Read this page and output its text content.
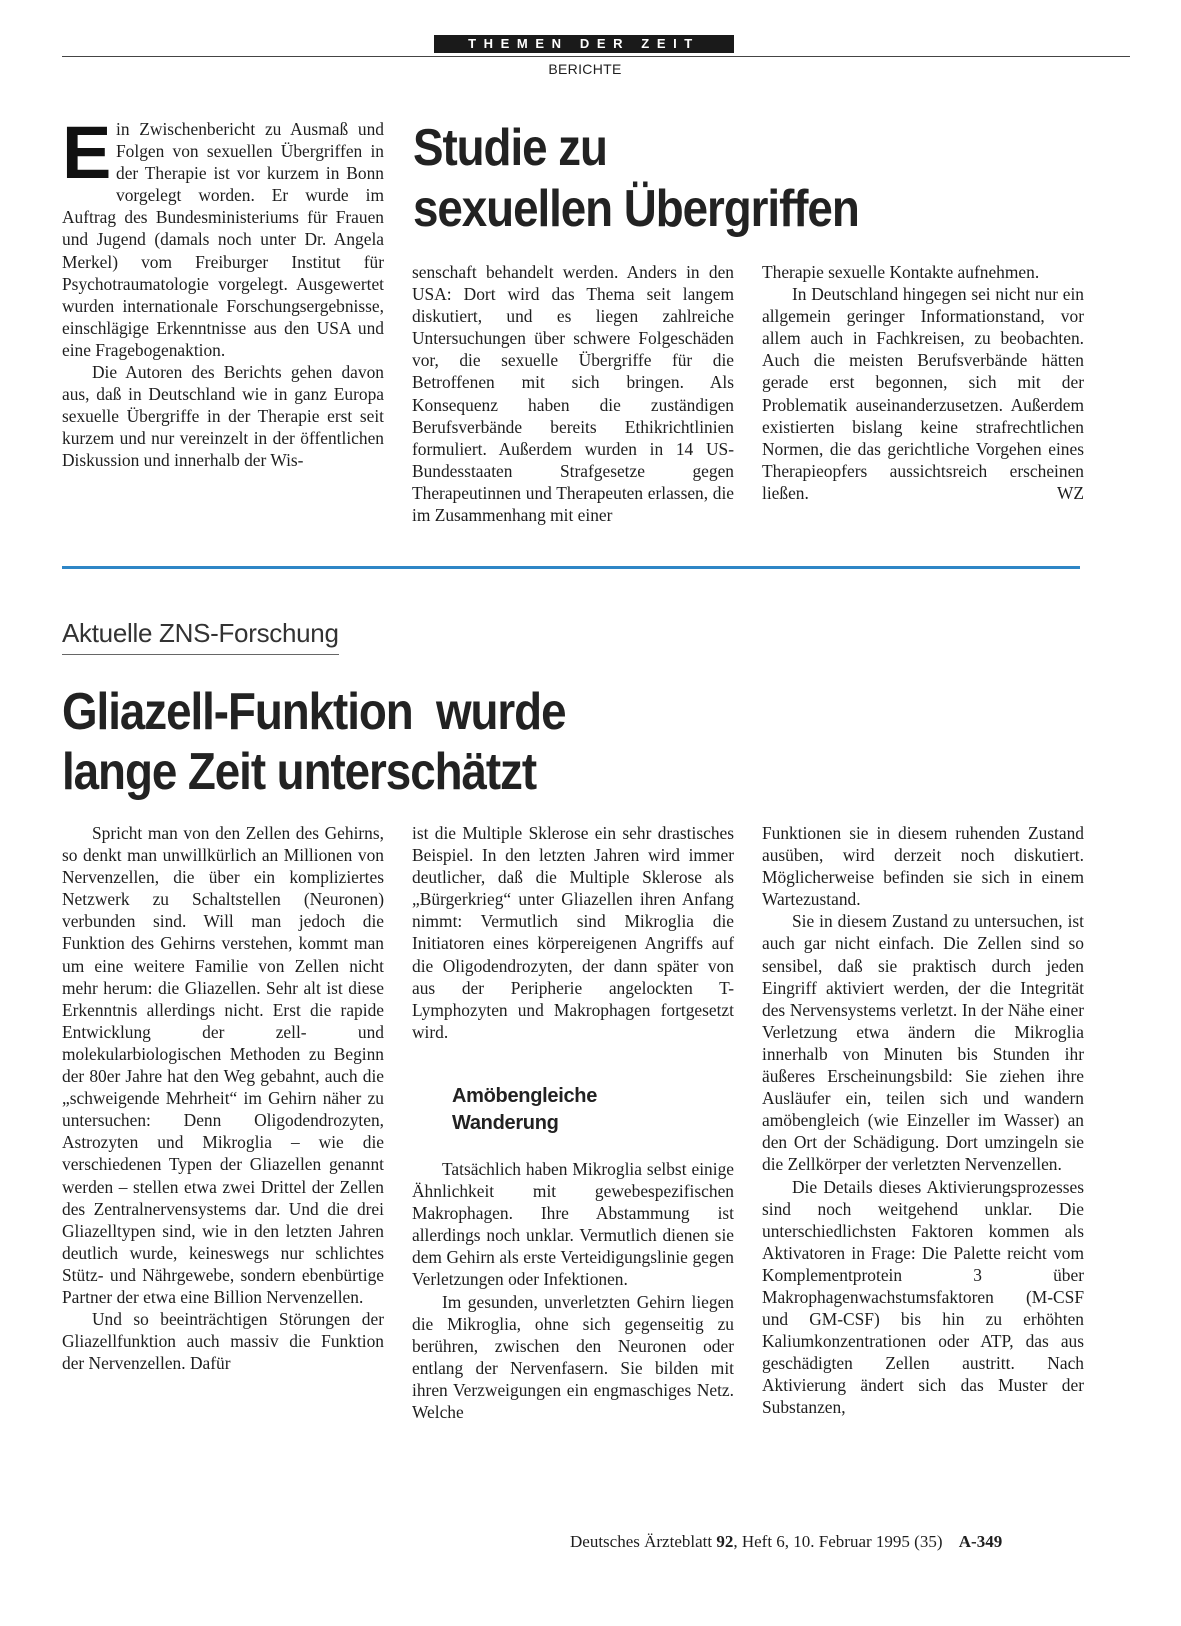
THEMEN DER ZEIT
BERICHTE

Ein Zwischenbericht zu Ausmaß und Folgen von sexuellen Übergriffen in der Therapie ist vor kurzem in Bonn vorgelegt worden. Er wurde im Auftrag des Bundesministeriums für Frauen und Jugend (damals noch unter Dr. Angela Merkel) vom Freiburger Institut für Psychotraumatologie vorgelegt. Ausgewertet wurden internationale Forschungsergebnisse, einschlägige Erkenntnisse aus den USA und eine Fragebogenaktion.

Die Autoren des Berichts gehen davon aus, daß in Deutschland wie in ganz Europa sexuelle Übergriffe in der Therapie erst seit kurzem und nur vereinzelt in der öffentlichen Diskussion und innerhalb der Wis-

Studie zu
sexuellen Übergriffen

senschaft behandelt werden. Anders in den USA: Dort wird das Thema seit langem diskutiert, und es liegen zahlreiche Untersuchungen über schwere Folgeschäden vor, die sexuelle Übergriffe für die Betroffenen mit sich bringen. Als Konsequenz haben die zuständigen Berufsverbände bereits Ethikrichtlinien formuliert. Außerdem wurden in 14 US-Bundesstaaten Strafgesetze gegen Therapeutinnen und Therapeuten erlassen, die im Zusammenhang mit einer

Therapie sexuelle Kontakte aufnehmen.

In Deutschland hingegen sei nicht nur ein allgemein geringer Informationstand, vor allem auch in Fachkreisen, zu beobachten. Auch die meisten Berufsverbände hätten gerade erst begonnen, sich mit der Problematik auseinanderzusetzen. Außerdem existierten bislang keine strafrechtlichen Normen, die das gerichtliche Vorgehen eines Therapieopfers aussichtsreich erscheinen ließen.	WZ

Aktuelle ZNS-Forschung
Gliazell-Funktion  wurde
lange Zeit unterschätzt

Spricht man von den Zellen des Gehirns, so denkt man unwillkürlich an Millionen von Nervenzellen, die über ein kompliziertes Netzwerk zu Schaltstellen (Neuronen) verbunden sind. Will man jedoch die Funktion des Gehirns verstehen, kommt man um eine weitere Familie von Zellen nicht mehr herum: die Gliazellen. Sehr alt ist diese Erkenntnis allerdings nicht. Erst die rapide Entwicklung der zell- und molekularbiologischen Methoden zu Beginn der 80er Jahre hat den Weg gebahnt, auch die „schweigende Mehrheit“ im Gehirn näher zu untersuchen: Denn Oligodendrozyten, Astrozyten und Mikroglia – wie die verschiedenen Typen der Gliazellen genannt werden – stellen etwa zwei Drittel der Zellen des Zentralnervensystems dar. Und die drei Gliazelltypen sind, wie in den letzten Jahren deutlich wurde, keineswegs nur schlichtes Stütz- und Nährgewebe, sondern ebenbürtige Partner der etwa eine Billion Nervenzellen.

Und so beeinträchtigen Störungen der Gliazellfunktion auch massiv die Funktion der Nervenzellen. Dafür

ist die Multiple Sklerose ein sehr drastisches Beispiel. In den letzten Jahren wird immer deutlicher, daß die Multiple Sklerose als „Bürgerkrieg“ unter Gliazellen ihren Anfang nimmt: Vermutlich sind Mikroglia die Initiatoren eines körpereigenen Angriffs auf die Oligodendrozyten, der dann später von aus der Peripherie angelockten T-Lymphozyten und Makrophagen fortgesetzt wird.

Amöbengleiche
Wanderung

Tatsächlich haben Mikroglia selbst einige Ähnlichkeit mit gewebespezifischen Makrophagen. Ihre Abstammung ist allerdings noch unklar. Vermutlich dienen sie dem Gehirn als erste Verteidigungslinie gegen Verletzungen oder Infektionen.

Im gesunden, unverletzten Gehirn liegen die Mikroglia, ohne sich gegenseitig zu berühren, zwischen den Neuronen oder entlang der Nervenfasern. Sie bilden mit ihren Verzweigungen ein engmaschiges Netz. Welche

Funktionen sie in diesem ruhenden Zustand ausüben, wird derzeit noch diskutiert. Möglicherweise befinden sie sich in einem Wartezustand.

Sie in diesem Zustand zu untersuchen, ist auch gar nicht einfach. Die Zellen sind so sensibel, daß sie praktisch durch jeden Eingriff aktiviert werden, der die Integrität des Nervensystems verletzt. In der Nähe einer Verletzung etwa ändern die Mikroglia innerhalb von Minuten bis Stunden ihr äußeres Erscheinungsbild: Sie ziehen ihre Ausläufer ein, teilen sich und wandern amöbengleich (wie Einzeller im Wasser) an den Ort der Schädigung. Dort umzingeln sie die Zellkörper der verletzten Nervenzellen.

Die Details dieses Aktivierungsprozesses sind noch weitgehend unklar. Die unterschiedlichsten Faktoren kommen als Aktivatoren in Frage: Die Palette reicht vom Komplementprotein 3 über Makrophagenwachstumsfaktoren (M-CSF und GM-CSF) bis hin zu erhöhten Kaliumkonzentrationen oder ATP, das aus geschädigten Zellen austritt. Nach Aktivierung ändert sich das Muster der Substanzen,

Deutsches Ärzteblatt 92, Heft 6, 10. Februar 1995 (35) A-349
